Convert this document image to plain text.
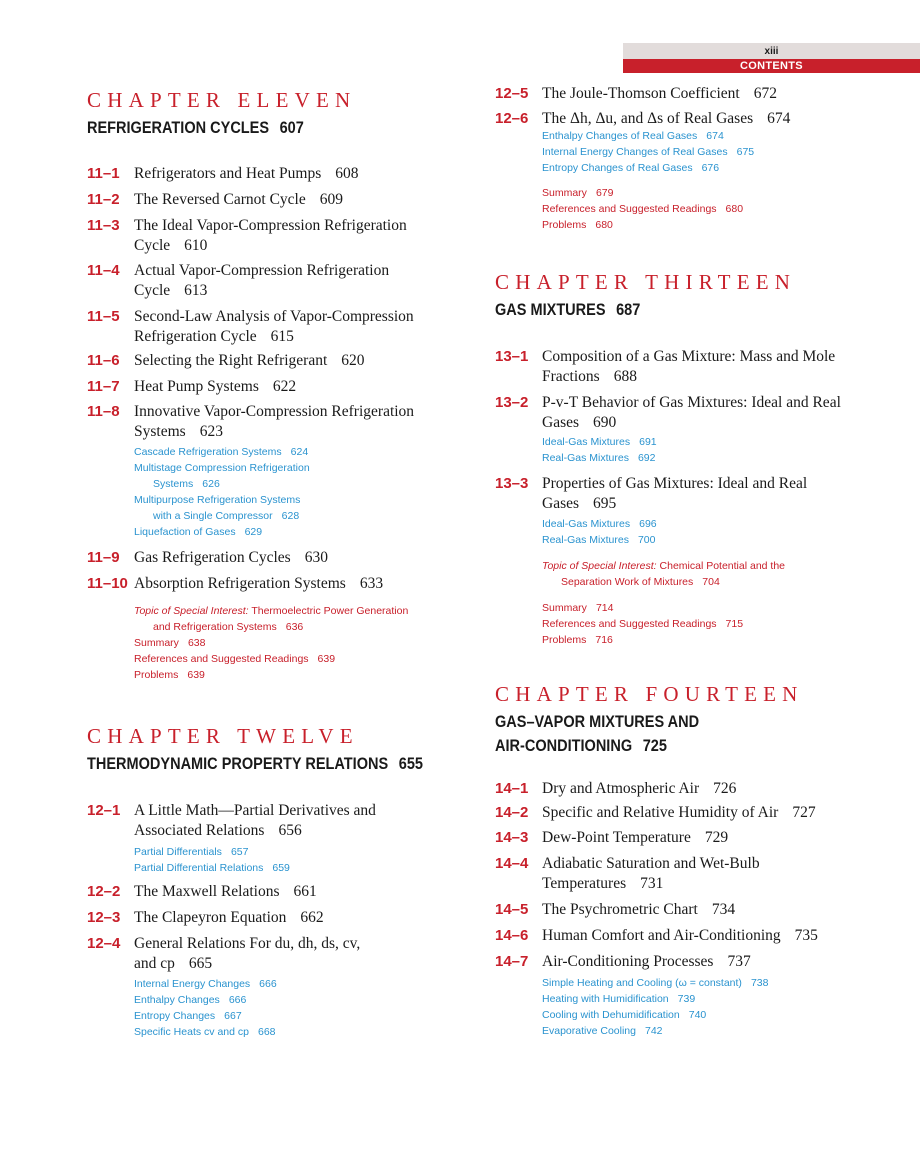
xiii
CONTENTS
CHAPTER ELEVEN
REFRIGERATION CYCLES 607
11–1 Refrigerators and Heat Pumps 608
11–2 The Reversed Carnot Cycle 609
11–3 The Ideal Vapor-Compression Refrigeration
Cycle 610
11–4 Actual Vapor-Compression Refrigeration
Cycle 613
11–5 Second-Law Analysis of Vapor-Compression
Refrigeration Cycle 615
11–6 Selecting the Right Refrigerant 620
11–7 Heat Pump Systems 622
11–8 Innovative Vapor-Compression Refrigeration
Systems 623
Cascade Refrigeration Systems 624
Multistage Compression Refrigeration
Systems 626
Multipurpose Refrigeration Systems
with a Single Compressor 628
Liquefaction of Gases 629
11–9 Gas Refrigeration Cycles 630
11–10 Absorption Refrigeration Systems 633
Topic of Special Interest: Thermoelectric Power Generation
and Refrigeration Systems 636
Summary 638
References and Suggested Readings 639
Problems 639
CHAPTER TWELVE
THERMODYNAMIC PROPERTY RELATIONS 655
12–1 A Little Math—Partial Derivatives and
Associated Relations 656
Partial Differentials 657
Partial Differential Relations 659
12–2 The Maxwell Relations 661
12–3 The Clapeyron Equation 662
12–4 General Relations For du, dh, ds, cv,
and cp 665
Internal Energy Changes 666
Enthalpy Changes 666
Entropy Changes 667
Specific Heats cv and cp 668
12–5 The Joule-Thomson Coefficient 672
12–6 The Δh, Δu, and Δs of Real Gases 674
Enthalpy Changes of Real Gases 674
Internal Energy Changes of Real Gases 675
Entropy Changes of Real Gases 676
Summary 679
References and Suggested Readings 680
Problems 680
CHAPTER THIRTEEN
GAS MIXTURES 687
13–1 Composition of a Gas Mixture: Mass and Mole
Fractions 688
13–2 P-v-T Behavior of Gas Mixtures: Ideal and Real
Gases 690
Ideal-Gas Mixtures 691
Real-Gas Mixtures 692
13–3 Properties of Gas Mixtures: Ideal and Real
Gases 695
Ideal-Gas Mixtures 696
Real-Gas Mixtures 700
Topic of Special Interest: Chemical Potential and the
Separation Work of Mixtures 704
Summary 714
References and Suggested Readings 715
Problems 716
CHAPTER FOURTEEN
GAS–VAPOR MIXTURES AND
AIR-CONDITIONING 725
14–1 Dry and Atmospheric Air 726
14–2 Specific and Relative Humidity of Air 727
14–3 Dew-Point Temperature 729
14–4 Adiabatic Saturation and Wet-Bulb
Temperatures 731
14–5 The Psychrometric Chart 734
14–6 Human Comfort and Air-Conditioning 735
14–7 Air-Conditioning Processes 737
Simple Heating and Cooling (ω = constant) 738
Heating with Humidification 739
Cooling with Dehumidification 740
Evaporative Cooling 742
